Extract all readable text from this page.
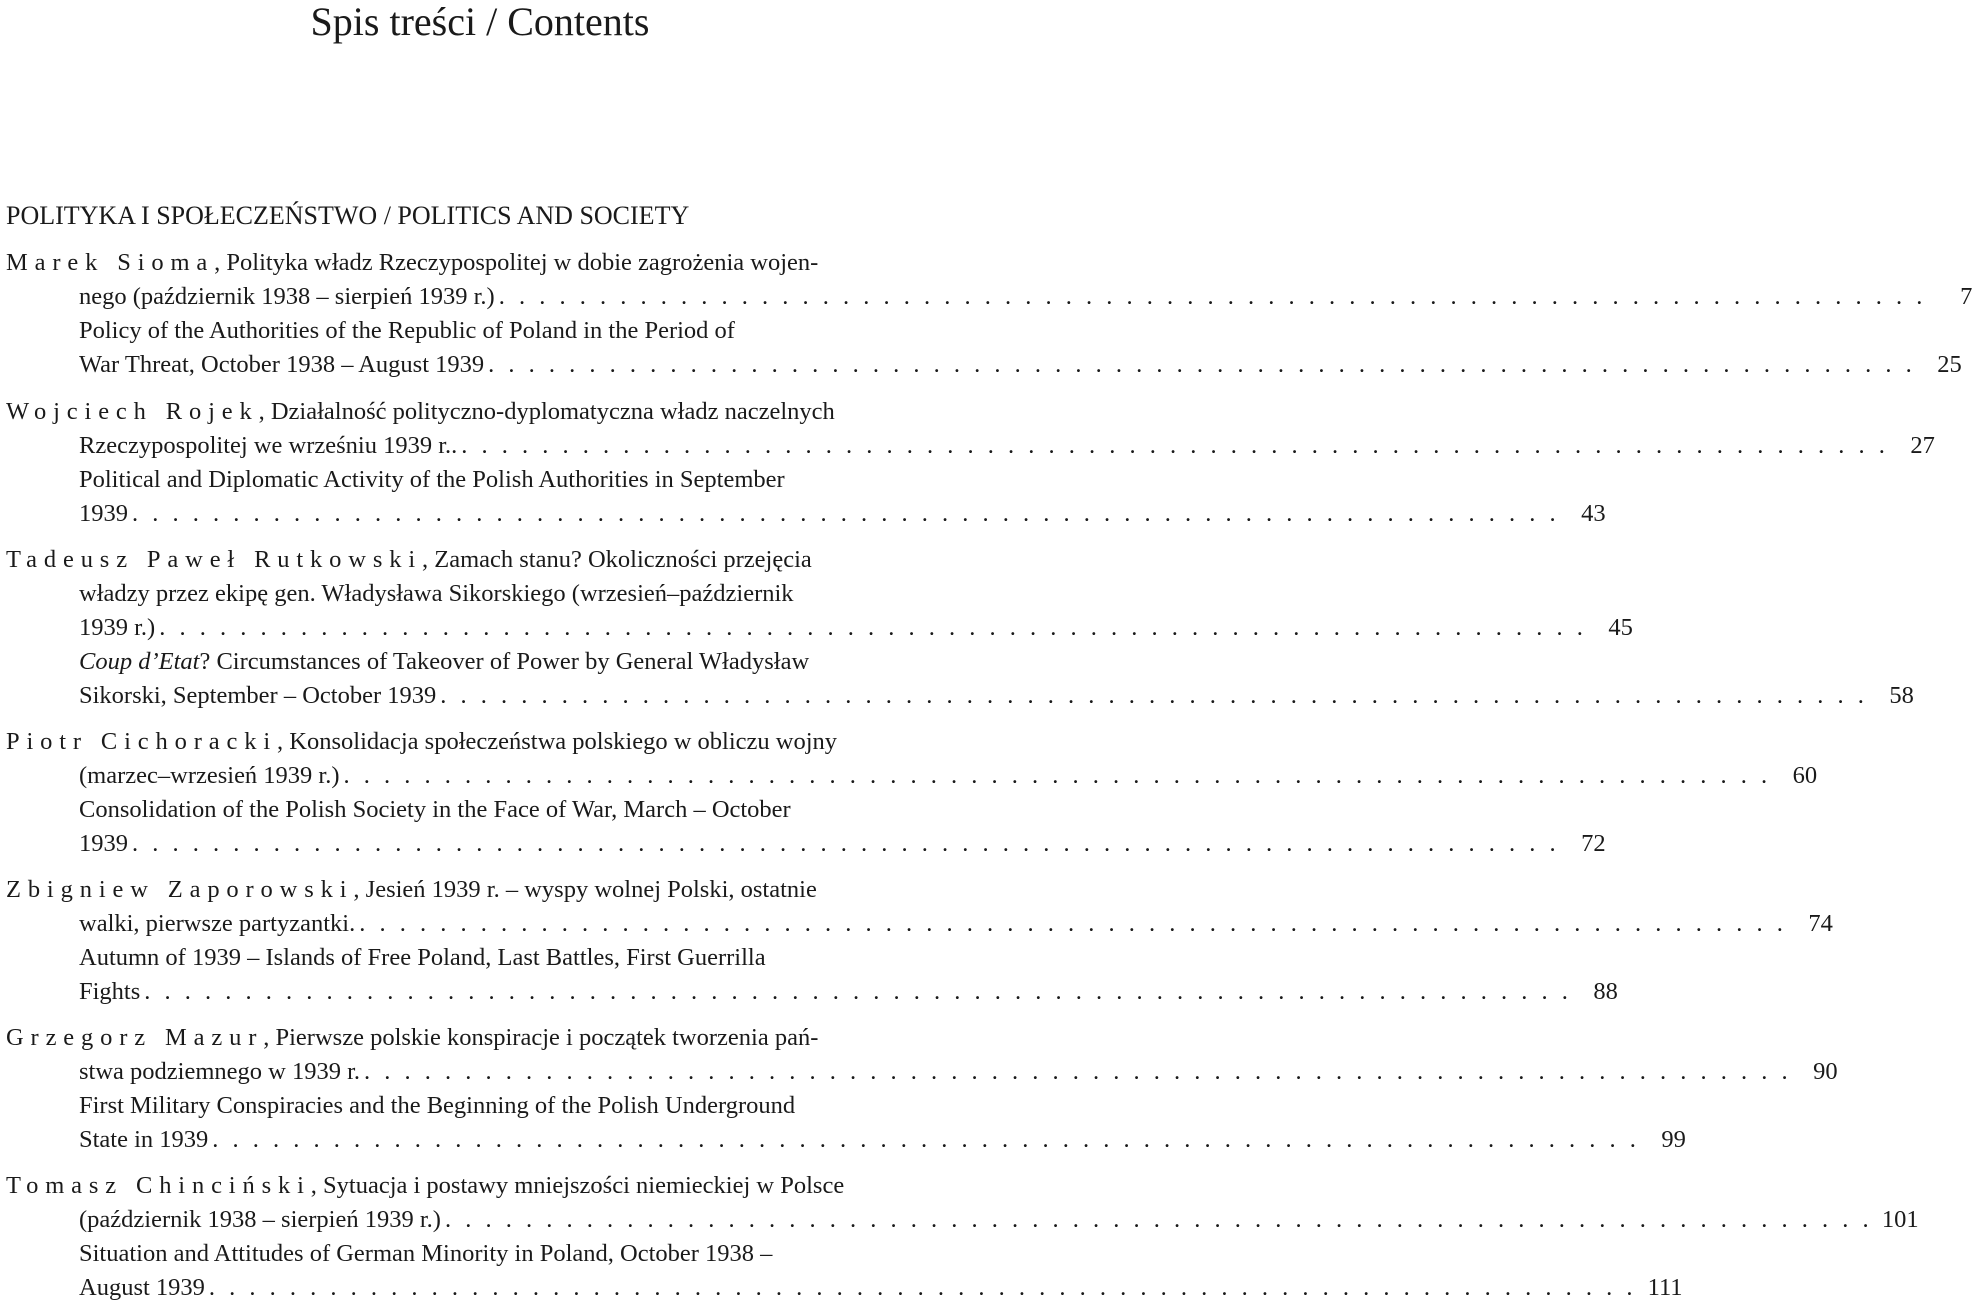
Spis treści / Contents
POLITYKA I SPOŁECZEŃSTWO / POLITICS AND SOCIETY
Marek Sioma, Polityka władz Rzeczypospolitej w dobie zagrożenia wojen-
nego (październik 1938 – sierpień 1939 r.) . . . . . . . . . . . . . . . . . . . . . . . . . . . . . . . . . . . . . . . . . . . . . . . . . . . . . . . . . . . . . . . . . . . . . . .	7
Policy of the Authorities of the Republic of Poland in the Period of
War Threat, October 1938 – August 1939 . . . . . . . . . . . . . . . . . . . . . . . . . . . . . . . . . . . . . . . . . . . . . . . . . . . . . . . . . . . . . . . . . . . . . . . 25
Wojciech Rojek, Działalność polityczno-dyplomatyczna władz naczelnych
Rzeczypospolitej we wrześniu 1939 r.. . . . . . . . . . . . . . . . . . . . . . . . . . . . . . . . . . . . . . . . . . . . . . . . . . . . . . . . . . . . . . . . . . . . . . . . 27
Political and Diplomatic Activity of the Polish Authorities in September
1939 . . . . . . . . . . . . . . . . . . . . . . . . . . . . . . . . . . . . . . . . . . . . . . . . . . . . . . . . . . . . . . . . . . . . . . . 43
Tadeusz Paweł Rutkowski, Zamach stanu? Okoliczności przejęcia
władzy przez ekipę gen. Władysława Sikorskiego (wrzesień–październik
1939 r.) . . . . . . . . . . . . . . . . . . . . . . . . . . . . . . . . . . . . . . . . . . . . . . . . . . . . . . . . . . . . . . . . . . . . . . . 45
Coup d’Etat? Circumstances of Takeover of Power by General Władysław
Sikorski, September – October 1939 . . . . . . . . . . . . . . . . . . . . . . . . . . . . . . . . . . . . . . . . . . . . . . . . . . . . . . . . . . . . . . . . . . . . . . . 58
Piotr Cichoracki, Konsolidacja społeczeństwa polskiego w obliczu wojny
(marzec–wrzesień 1939 r.) . . . . . . . . . . . . . . . . . . . . . . . . . . . . . . . . . . . . . . . . . . . . . . . . . . . . . . . . . . . . . . . . . . . . . . . 60
Consolidation of the Polish Society in the Face of War, March – October
1939 . . . . . . . . . . . . . . . . . . . . . . . . . . . . . . . . . . . . . . . . . . . . . . . . . . . . . . . . . . . . . . . . . . . . . . . 72
Zbigniew Zaporowski, Jesień 1939 r. – wyspy wolnej Polski, ostatnie
walki, pierwsze partyzantki. . . . . . . . . . . . . . . . . . . . . . . . . . . . . . . . . . . . . . . . . . . . . . . . . . . . . . . . . . . . . . . . . . . . . . . . 74
Autumn of 1939 – Islands of Free Poland, Last Battles, First Guerrilla
Fights . . . . . . . . . . . . . . . . . . . . . . . . . . . . . . . . . . . . . . . . . . . . . . . . . . . . . . . . . . . . . . . . . . . . . . . 88
Grzegorz Mazur, Pierwsze polskie konspiracje i początek tworzenia pań-
stwa podziemnego w 1939 r. . . . . . . . . . . . . . . . . . . . . . . . . . . . . . . . . . . . . . . . . . . . . . . . . . . . . . . . . . . . . . . . . . . . . . . . 90
First Military Conspiracies and the Beginning of the Polish Underground
State in 1939 . . . . . . . . . . . . . . . . . . . . . . . . . . . . . . . . . . . . . . . . . . . . . . . . . . . . . . . . . . . . . . . . . . . . . . . 99
Tomasz Chinciński, Sytuacja i postawy mniejszości niemieckiej w Polsce
(październik 1938 – sierpień 1939 r.) . . . . . . . . . . . . . . . . . . . . . . . . . . . . . . . . . . . . . . . . . . . . . . . . . . . . . . . . . . . . . . . . . . . . . . . 101
Situation and Attitudes of German Minority in Poland, October 1938 –
August 1939 . . . . . . . . . . . . . . . . . . . . . . . . . . . . . . . . . . . . . . . . . . . . . . . . . . . . . . . . . . . . . . . . . . . . . . . 111
